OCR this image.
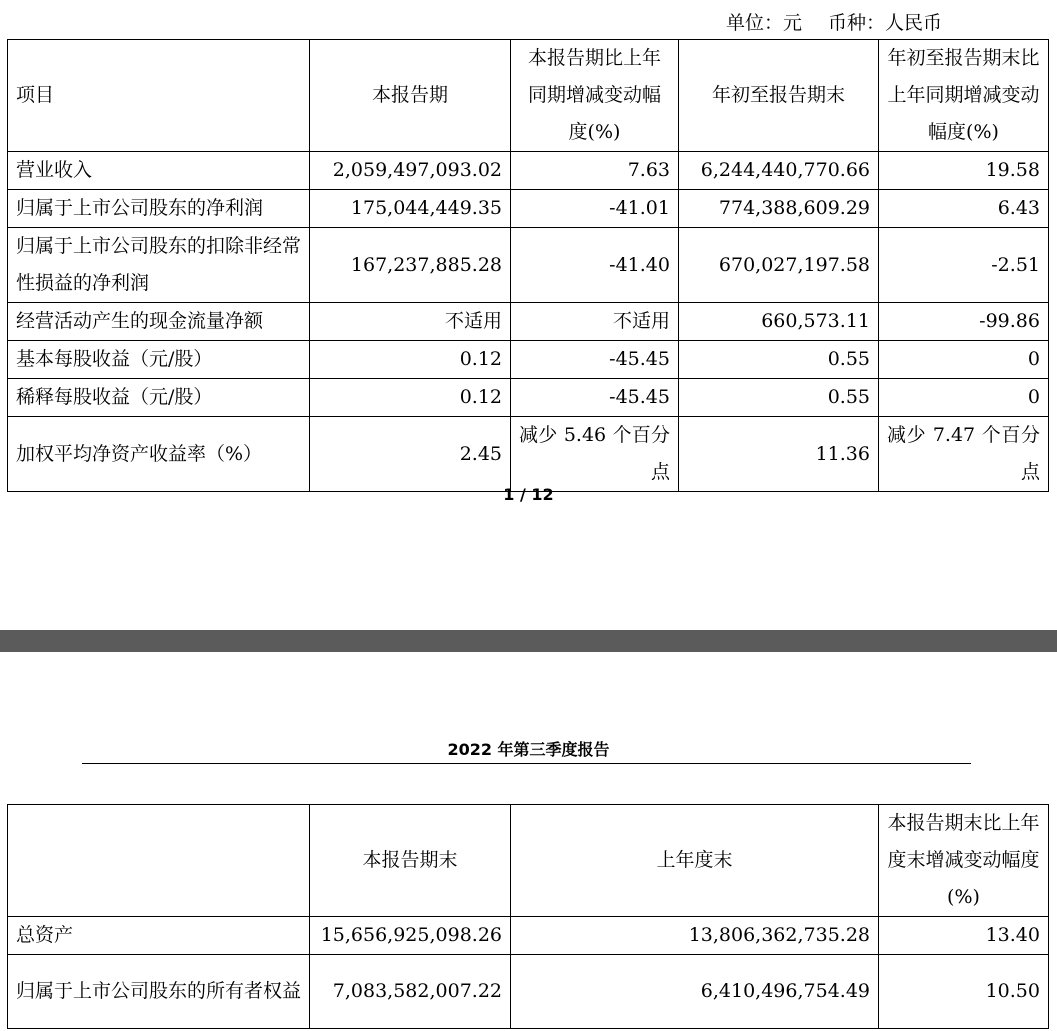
单位：元 币种：人民币
项目	本报告期	本报告期比上年同期增减变动幅度(%)	年初至报告期末	年初至报告期末比上年同期增减变动幅度(%)
营业收入	2,059,497,093.02	7.63	6,244,440,770.66	19.58
归属于上市公司股东的净利润	175,044,449.35	-41.01	774,388,609.29	6.43
归属于上市公司股东的扣除非经常性损益的净利润	167,237,885.28	-41.40	670,027,197.58	-2.51
经营活动产生的现金流量净额	不适用	不适用	660,573.11	-99.86
基本每股收益（元/股）	0.12	-45.45	0.55	0
稀释每股收益（元/股）	0.12	-45.45	0.55	0
加权平均净资产收益率（%）	2.45	减少 5.46 个百分点	11.36	减少 7.47 个百分点
1 / 12
2022 年第三季度报告
	本报告期末	上年度末	本报告期末比上年度末增减变动幅度(%)
总资产	15,656,925,098.26	13,806,362,735.28	13.40
归属于上市公司股东的所有者权益	7,083,582,007.22	6,410,496,754.49	10.50
